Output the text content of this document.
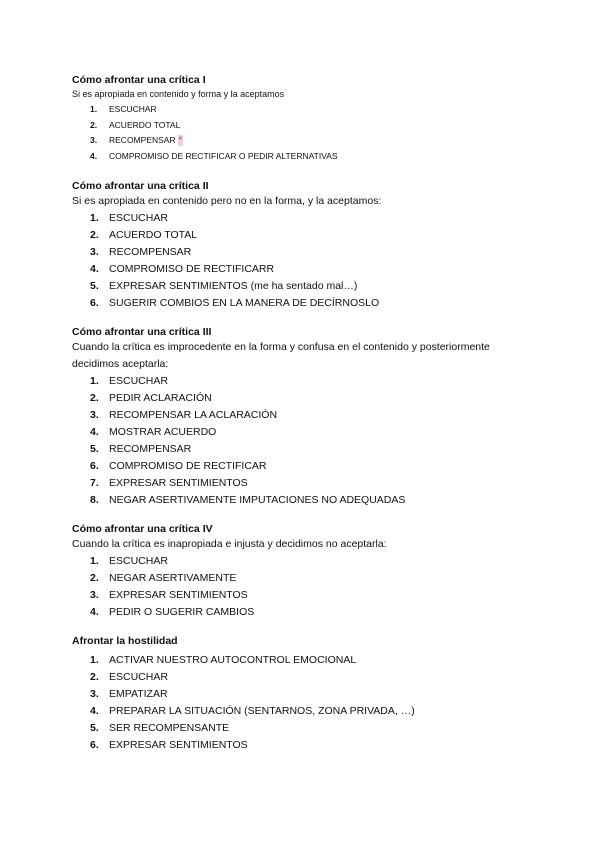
Cómo afrontar una crítica I

Si es apropiada en contenido y forma y la aceptamos

1. ESCUCHAR
2. ACUERDO TOTAL
3. RECOMPENSAR *
4. COMPROMISO DE RECTIFICAR O PEDIR ALTERNATIVAS

Cómo afrontar una crítica II

Si es apropiada en contenido pero no en la forma, y la aceptamos:

1. ESCUCHAR
2. ACUERDO TOTAL
3. RECOMPENSAR
4. COMPROMISO DE RECTIFICARR
5. EXPRESAR SENTIMIENTOS (me ha sentado mal…)
6. SUGERIR COMBIOS EN LA MANERA DE DECÍRNOSLO

Cómo afrontar una crítica III

Cuando la crítica es improcedente en la forma y confusa en el contenido y posteriormente

decidimos aceptarla:

1. ESCUCHAR
2. PEDIR ACLARACIÓN
3. RECOMPENSAR LA ACLARACIÓN
4. MOSTRAR ACUERDO
5. RECOMPENSAR
6. COMPROMISO DE RECTIFICAR
7. EXPRESAR SENTIMIENTOS
8. NEGAR ASERTIVAMENTE IMPUTACIONES NO ADEQUADAS

Cómo afrontar una crítica IV

Cuando la crítica es inapropiada e injusta y decidimos no aceptarla:

1. ESCUCHAR
2. NEGAR ASERTIVAMENTE
3. EXPRESAR SENTIMIENTOS
4. PEDIR O SUGERIR CAMBIOS

Afrontar la hostilidad

1. ACTIVAR NUESTRO AUTOCONTROL EMOCIONAL
2. ESCUCHAR
3. EMPATIZAR
4. PREPARAR LA SITUACIÓN (SENTARNOS, ZONA PRIVADA, …)
5. SER RECOMPENSANTE
6. EXPRESAR SENTIMIENTOS
